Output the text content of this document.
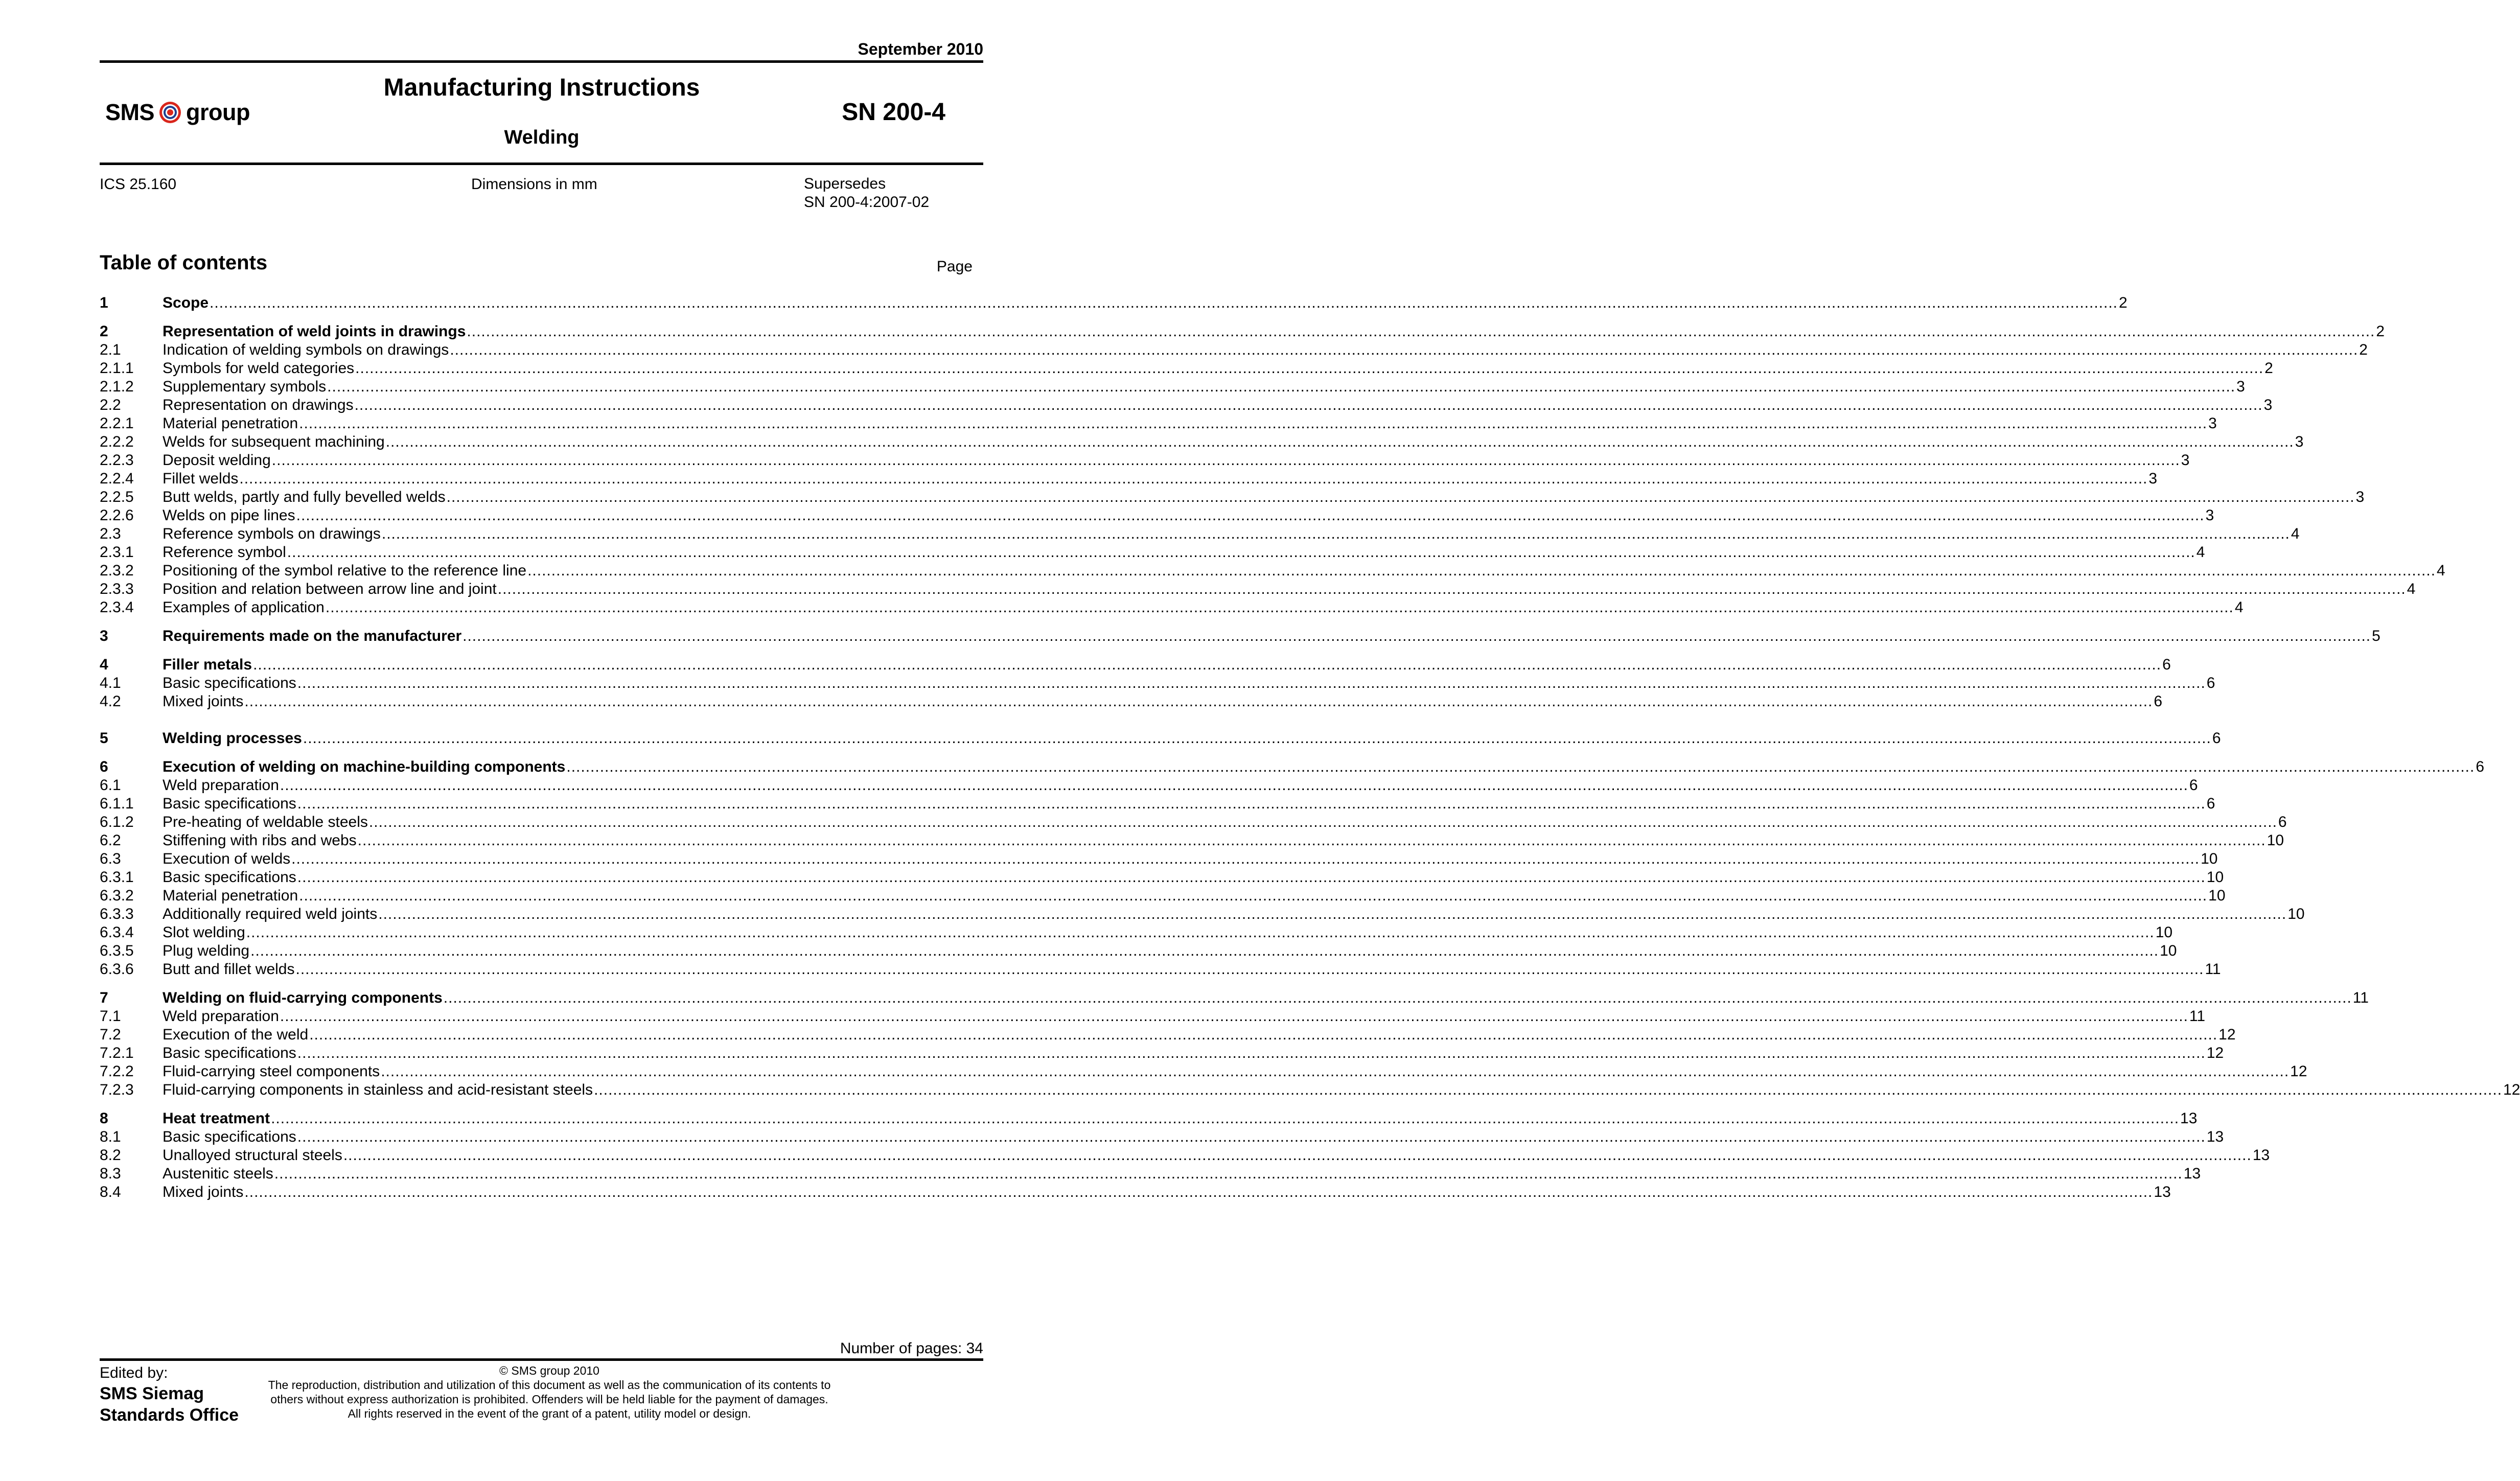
September 2010
SMS group
Manufacturing Instructions
SN 200-4
Welding
ICS 25.160	Dimensions in mm	Supersedes
SN 200-4:2007-02
Table of contents	Page
1	Scope ................................................................................................................................................................................................................................................................................................................................................................................................................ 2
2	Representation of weld joints in drawings ................................................................................................................................................................................................................................................................................................................................................................................................................ 2
2.1	Indication of welding symbols on drawings ................................................................................................................................................................................................................................................................................................................................................................................................................ 2
2.1.1	Symbols for weld categories ................................................................................................................................................................................................................................................................................................................................................................................................................ 2
2.1.2	Supplementary symbols ................................................................................................................................................................................................................................................................................................................................................................................................................ 3
2.2	Representation on drawings ................................................................................................................................................................................................................................................................................................................................................................................................................ 3
2.2.1	Material penetration ................................................................................................................................................................................................................................................................................................................................................................................................................ 3
2.2.2	Welds for subsequent machining ................................................................................................................................................................................................................................................................................................................................................................................................................ 3
2.2.3	Deposit welding ................................................................................................................................................................................................................................................................................................................................................................................................................ 3
2.2.4	Fillet welds ................................................................................................................................................................................................................................................................................................................................................................................................................ 3
2.2.5	Butt welds, partly and fully bevelled welds ................................................................................................................................................................................................................................................................................................................................................................................................................ 3
2.2.6	Welds on pipe lines ................................................................................................................................................................................................................................................................................................................................................................................................................ 3
2.3	Reference symbols on drawings ................................................................................................................................................................................................................................................................................................................................................................................................................ 4
2.3.1	Reference symbol ................................................................................................................................................................................................................................................................................................................................................................................................................ 4
2.3.2	Positioning of the symbol relative to the reference line ................................................................................................................................................................................................................................................................................................................................................................................................................ 4
2.3.3	Position and relation between arrow line and joint ................................................................................................................................................................................................................................................................................................................................................................................................................ 4
2.3.4	Examples of application ................................................................................................................................................................................................................................................................................................................................................................................................................ 4
3	Requirements made on the manufacturer ................................................................................................................................................................................................................................................................................................................................................................................................................ 5
4	Filler metals ................................................................................................................................................................................................................................................................................................................................................................................................................ 6
4.1	Basic specifications ................................................................................................................................................................................................................................................................................................................................................................................................................ 6
4.2	Mixed joints ................................................................................................................................................................................................................................................................................................................................................................................................................ 6
5	Welding processes ................................................................................................................................................................................................................................................................................................................................................................................................................ 6
6	Execution of welding on machine-building components ................................................................................................................................................................................................................................................................................................................................................................................................................ 6
6.1	Weld preparation ................................................................................................................................................................................................................................................................................................................................................................................................................ 6
6.1.1	Basic specifications ................................................................................................................................................................................................................................................................................................................................................................................................................ 6
6.1.2	Pre-heating of weldable steels ................................................................................................................................................................................................................................................................................................................................................................................................................ 6
6.2	Stiffening with ribs and webs ................................................................................................................................................................................................................................................................................................................................................................................................................ 10
6.3	Execution of welds ................................................................................................................................................................................................................................................................................................................................................................................................................ 10
6.3.1	Basic specifications ................................................................................................................................................................................................................................................................................................................................................................................................................ 10
6.3.2	Material penetration ................................................................................................................................................................................................................................................................................................................................................................................................................ 10
6.3.3	Additionally required weld joints ................................................................................................................................................................................................................................................................................................................................................................................................................ 10
6.3.4	Slot welding ................................................................................................................................................................................................................................................................................................................................................................................................................ 10
6.3.5	Plug welding ................................................................................................................................................................................................................................................................................................................................................................................................................ 10
6.3.6	Butt and fillet welds ................................................................................................................................................................................................................................................................................................................................................................................................................ 11
7	Welding on fluid-carrying components ................................................................................................................................................................................................................................................................................................................................................................................................................ 11
7.1	Weld preparation ................................................................................................................................................................................................................................................................................................................................................................................................................ 11
7.2	Execution of the weld ................................................................................................................................................................................................................................................................................................................................................................................................................ 12
7.2.1	Basic specifications ................................................................................................................................................................................................................................................................................................................................................................................................................ 12
7.2.2	Fluid-carrying steel components ................................................................................................................................................................................................................................................................................................................................................................................................................ 12
7.2.3	Fluid-carrying components in stainless and acid-resistant steels ................................................................................................................................................................................................................................................................................................................................................................................................................ 12
8	Heat treatment ................................................................................................................................................................................................................................................................................................................................................................................................................ 13
8.1	Basic specifications ................................................................................................................................................................................................................................................................................................................................................................................................................ 13
8.2	Unalloyed structural steels ................................................................................................................................................................................................................................................................................................................................................................................................................ 13
8.3	Austenitic steels ................................................................................................................................................................................................................................................................................................................................................................................................................ 13
8.4	Mixed joints ................................................................................................................................................................................................................................................................................................................................................................................................................ 13
Number of pages: 34
Edited by:
SMS Siemag
Standards Office
© SMS group 2010
The reproduction, distribution and utilization of this document as well as the communication of its contents to
others without express authorization is prohibited. Offenders will be held liable for the payment of damages.
All rights reserved in the event of the grant of a patent, utility model or design.
